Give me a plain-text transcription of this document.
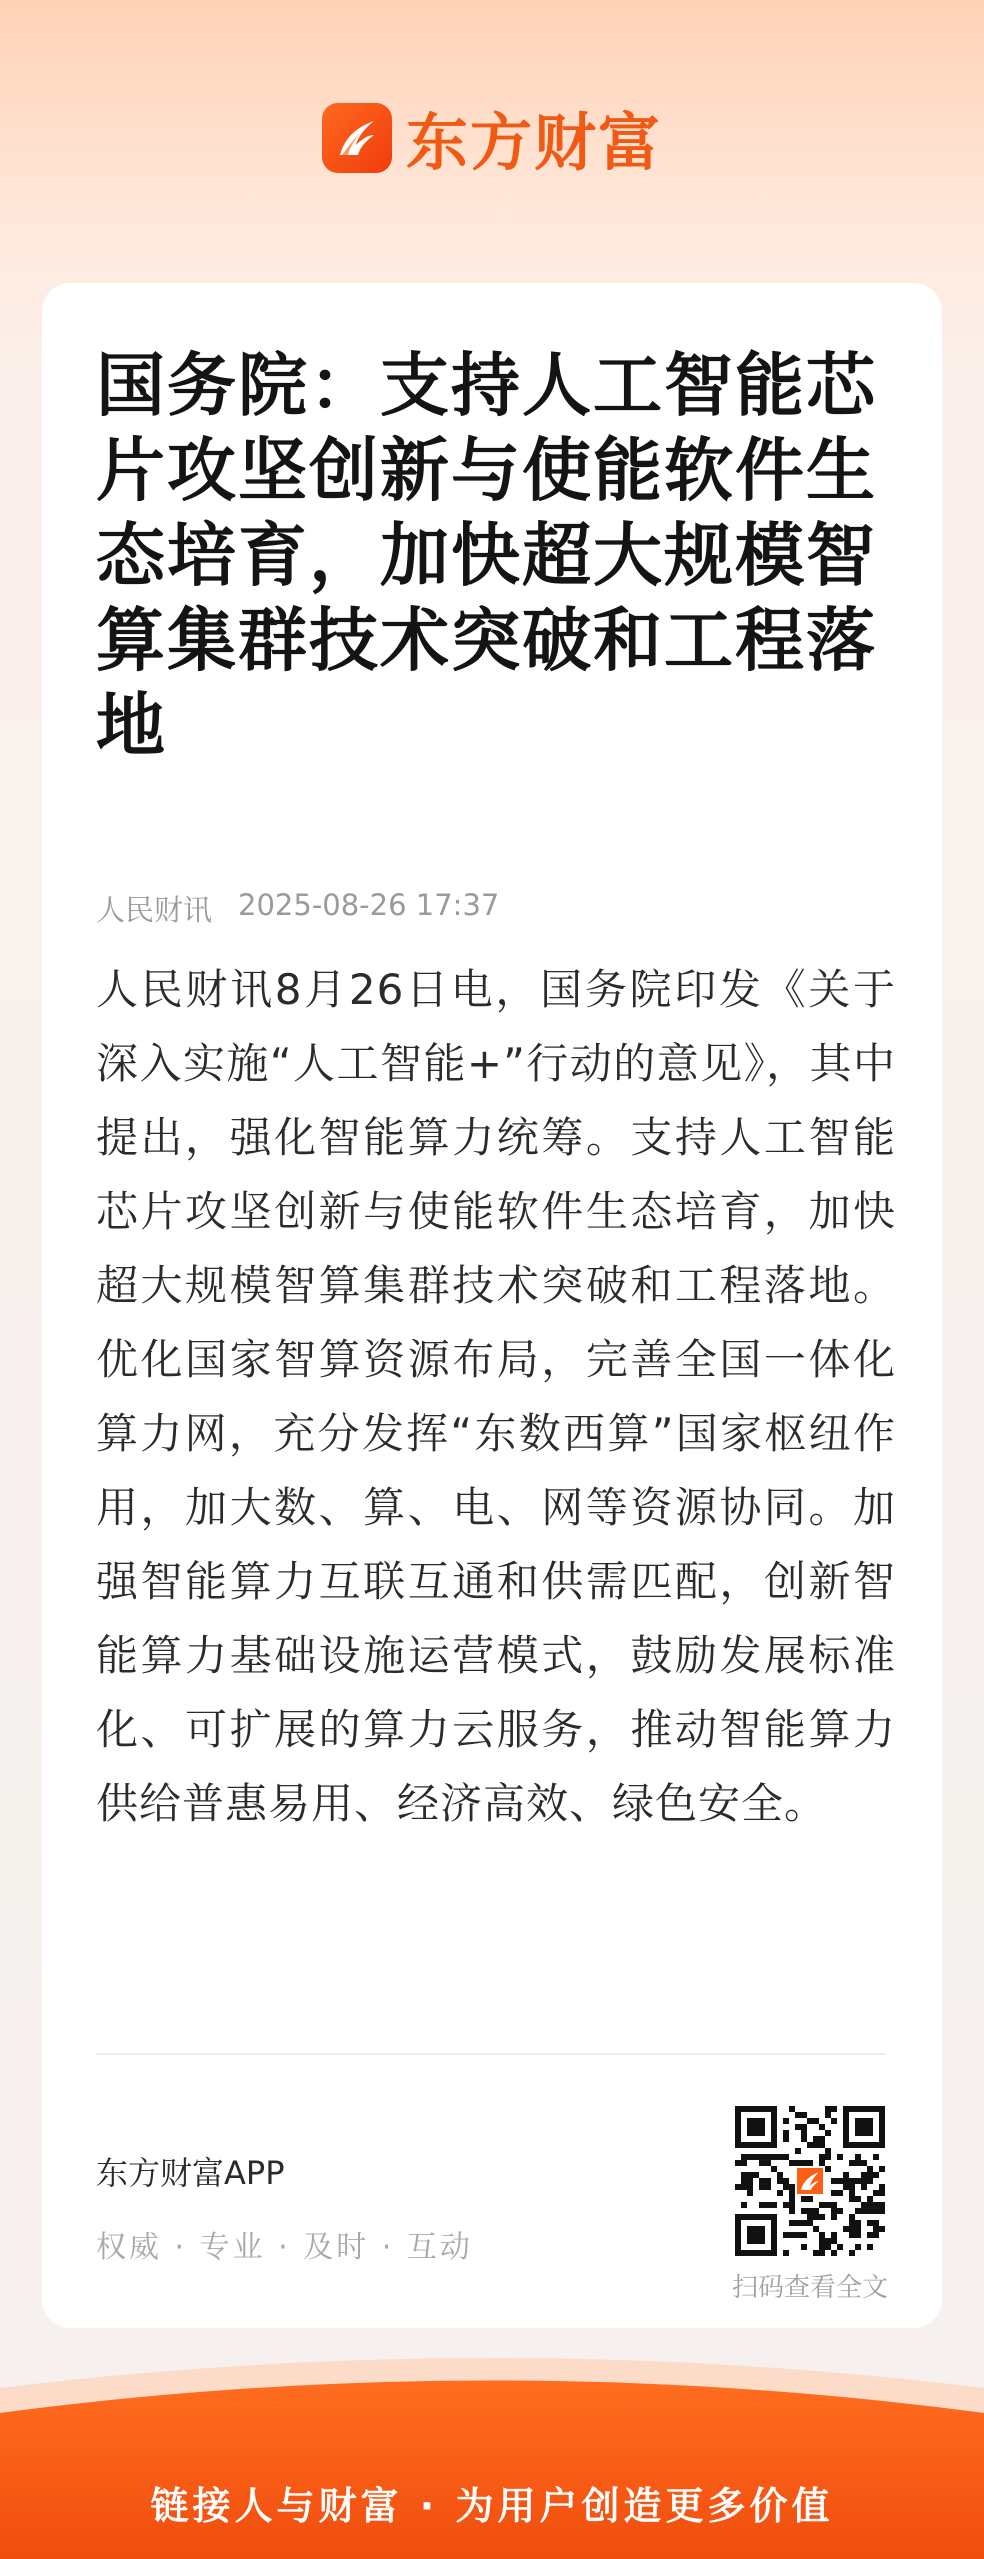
东方财富
国务院：支持人工智能芯片攻坚创新与使能软件生态培育，加快超大规模智算集群技术突破和工程落地
人民财讯 2025-08-26 17:37

人民财讯8月26日电，国务院印发《关于深入实施“人工智能+”行动的意见》，其中提出，强化智能算力统筹。支持人工智能芯片攻坚创新与使能软件生态培育，加快超大规模智算集群技术突破和工程落地。优化国家智算资源布局，完善全国一体化算力网，充分发挥“东数西算”国家枢纽作用，加大数、算、电、网等资源协同。加强智能算力互联互通和供需匹配，创新智能算力基础设施运营模式，鼓励发展标准化、可扩展的算力云服务，推动智能算力供给普惠易用、经济高效、绿色安全。

东方财富APP
权威 · 专业 · 及时 · 互动
扫码查看全文
链接人与财富 · 为用户创造更多价值
